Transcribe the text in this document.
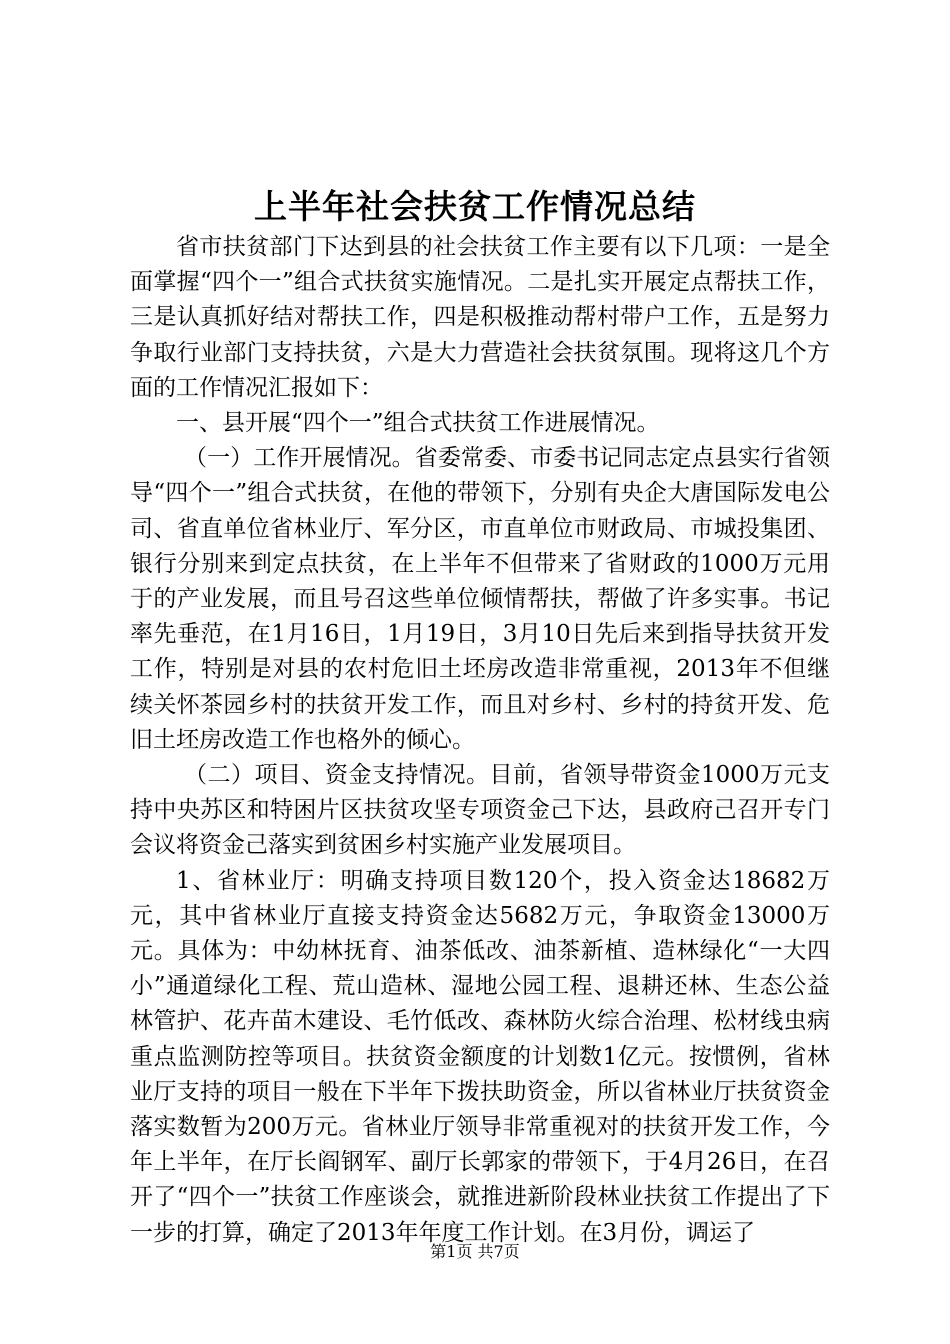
上半年社会扶贫工作情况总结

省市扶贫部门下达到县的社会扶贫工作主要有以下几项：一是全面掌握“四个一”组合式扶贫实施情况。二是扎实开展定点帮扶工作，三是认真抓好结对帮扶工作，四是积极推动帮村带户工作，五是努力争取行业部门支持扶贫，六是大力营造社会扶贫氛围。现将这几个方面的工作情况汇报如下：

一、县开展“四个一”组合式扶贫工作进展情况。

（一）工作开展情况。省委常委、市委书记同志定点县实行省领导“四个一”组合式扶贫，在他的带领下，分别有央企大唐国际发电公司、省直单位省林业厅、军分区，市直单位市财政局、市城投集团、银行分别来到定点扶贫，在上半年不但带来了省财政的1000万元用于的产业发展，而且号召这些单位倾情帮扶，帮做了许多实事。书记率先垂范，在1月16日，1月19日，3月10日先后来到指导扶贫开发工作，特别是对县的农村危旧土坯房改造非常重视，2013年不但继续关怀茶园乡村的扶贫开发工作，而且对乡村、乡村的持贫开发、危旧土坯房改造工作也格外的倾心。

（二）项目、资金支持情况。目前，省领导带资金1000万元支持中央苏区和特困片区扶贫攻坚专项资金己下达，县政府己召开专门会议将资金己落实到贫困乡村实施产业发展项目。

1、省林业厅：明确支持项目数120个，投入资金达18682万元，其中省林业厅直接支持资金达5682万元，争取资金13000万元。具体为：中幼林抚育、油茶低改、油茶新植、造林绿化“一大四小”通道绿化工程、荒山造林、湿地公园工程、退耕还林、生态公益林管护、花卉苗木建设、毛竹低改、森林防火综合治理、松材线虫病重点监测防控等项目。扶贫资金额度的计划数1亿元。按惯例，省林业厅支持的项目一般在下半年下拨扶助资金，所以省林业厅扶贫资金落实数暂为200万元。省林业厅领导非常重视对的扶贫开发工作，今年上半年，在厅长阎钢军、副厅长郭家的带领下，于4月26日，在召开了“四个一”扶贫工作座谈会，就推进新阶段林业扶贫工作提出了下一步的打算，确定了2013年年度工作计划。在3月份，调运了

第1页 共7页
